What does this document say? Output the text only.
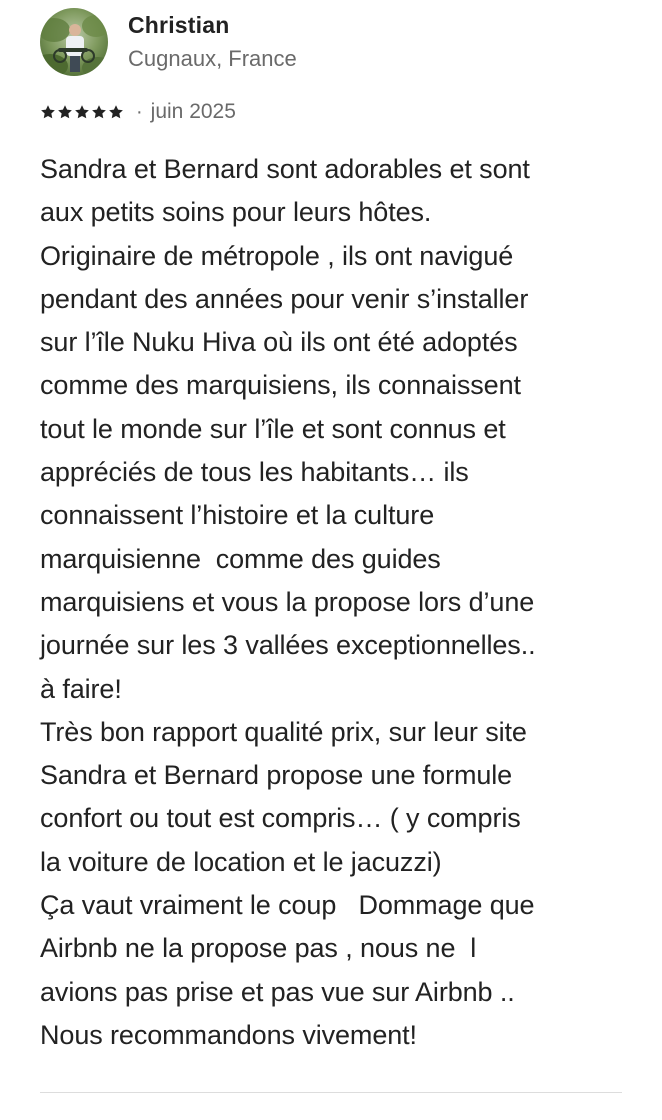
Christian
Cugnaux, France
· juin 2025
Sandra et Bernard sont adorables et sont
aux petits soins pour leurs hôtes.
Originaire de métropole , ils ont navigué
pendant des années pour venir s’installer
sur l’île Nuku Hiva où ils ont été adoptés
comme des marquisiens, ils connaissent
tout le monde sur l’île et sont connus et
appréciés de tous les habitants… ils
connaissent l’histoire et la culture
marquisienne  comme des guides
marquisiens et vous la propose lors d’une
journée sur les 3 vallées exceptionnelles..
à faire!
Très bon rapport qualité prix, sur leur site
Sandra et Bernard propose une formule
confort ou tout est compris… ( y compris
la voiture de location et le jacuzzi)
Ça vaut vraiment le coup   Dommage que
Airbnb ne la propose pas , nous ne  l
avions pas prise et pas vue sur Airbnb ..
Nous recommandons vivement!
